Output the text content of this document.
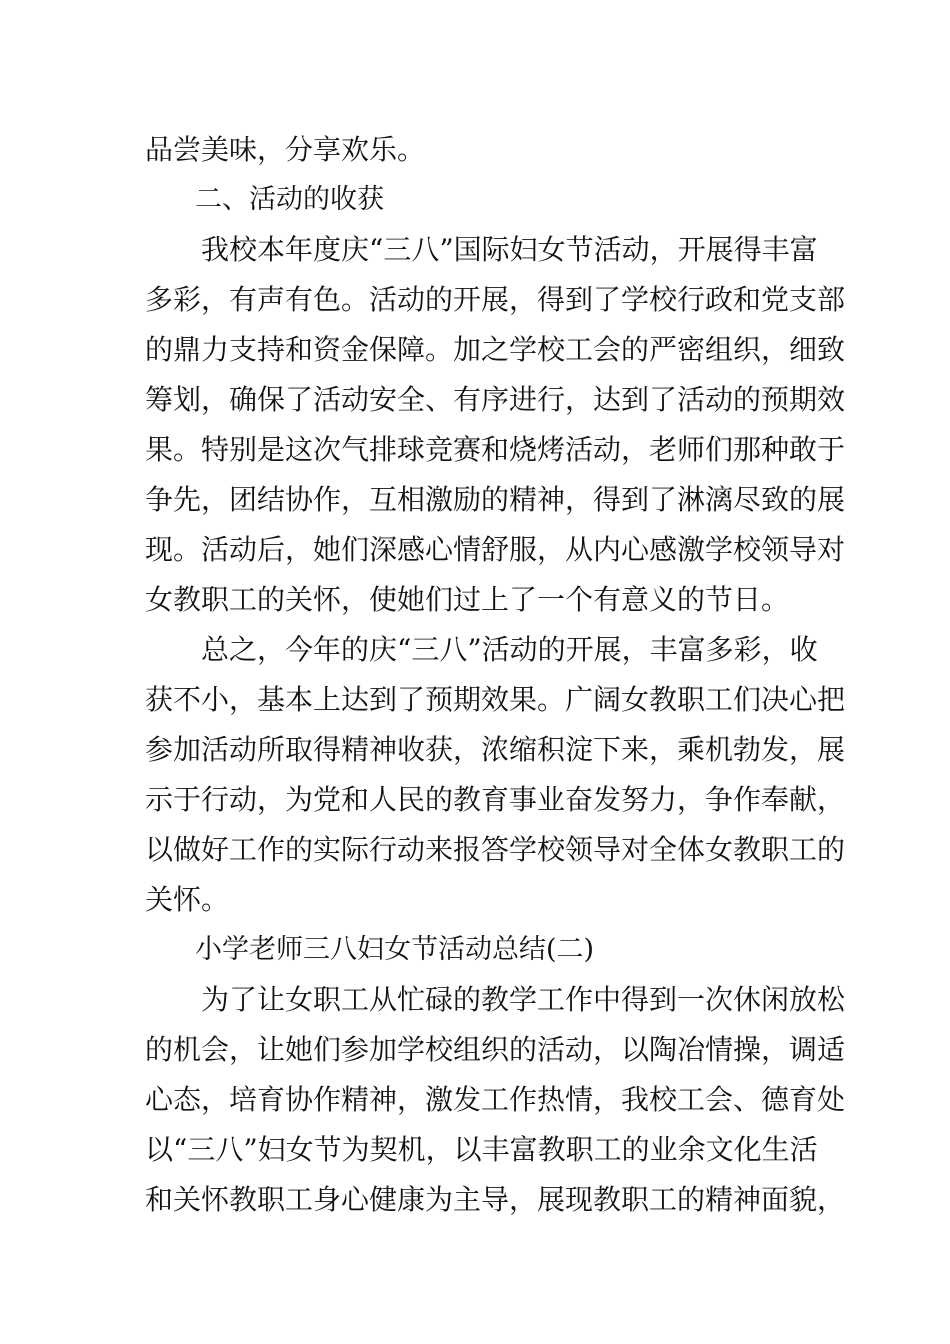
品尝美味，分享欢乐。
二、活动的收获
我校本年度庆“三八”国际妇女节活动，开展得丰富
多彩，有声有色。活动的开展，得到了学校行政和党支部
的鼎力支持和资金保障。加之学校工会的严密组织，细致
筹划，确保了活动安全、有序进行，达到了活动的预期效
果。特别是这次气排球竞赛和烧烤活动，老师们那种敢于
争先，团结协作，互相激励的精神，得到了淋漓尽致的展
现。活动后，她们深感心情舒服，从内心感激学校领导对
女教职工的关怀，使她们过上了一个有意义的节日。
总之，今年的庆“三八”活动的开展，丰富多彩，收
获不小，基本上达到了预期效果。广阔女教职工们决心把
参加活动所取得精神收获，浓缩积淀下来，乘机勃发，展
示于行动，为党和人民的教育事业奋发努力，争作奉献，
以做好工作的实际行动来报答学校领导对全体女教职工的
关怀。
小学老师三八妇女节活动总结(二)
为了让女职工从忙碌的教学工作中得到一次休闲放松
的机会，让她们参加学校组织的活动，以陶冶情操，调适
心态，培育协作精神，激发工作热情，我校工会、德育处
以“三八”妇女节为契机，以丰富教职工的业余文化生活
和关怀教职工身心健康为主导，展现教职工的精神面貌，
